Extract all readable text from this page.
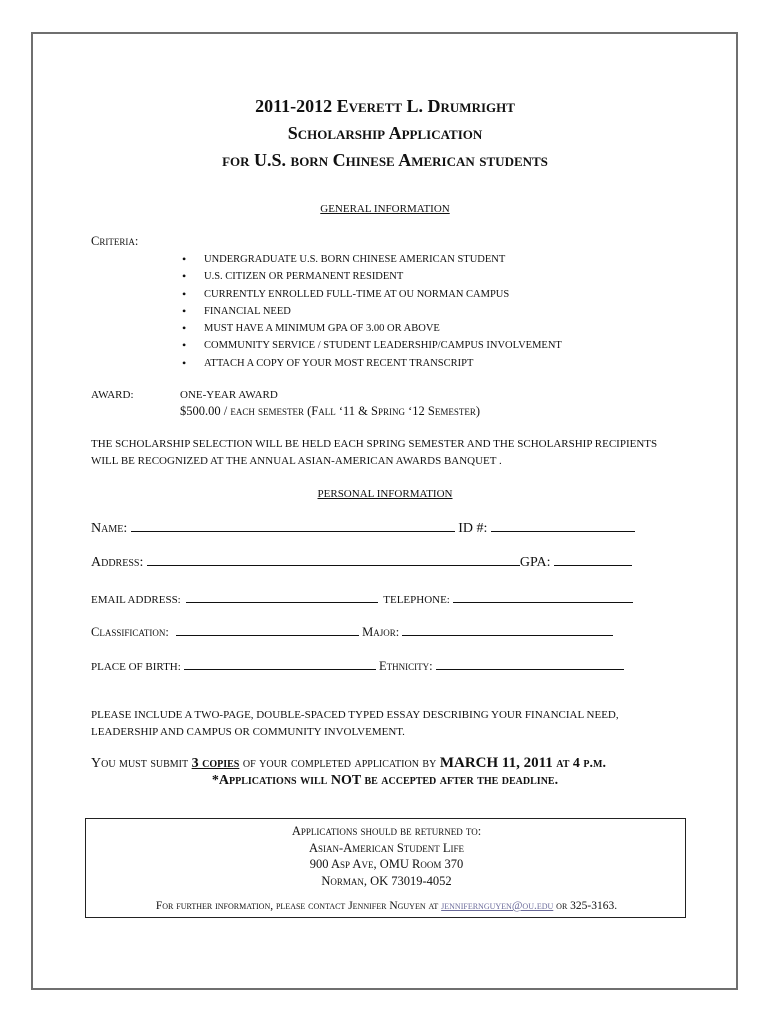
2011-2012 Everett L. Drumright
Scholarship Application
for U.S. born Chinese American students
GENERAL INFORMATION
Criteria:
• UNDERGRADUATE U.S. BORN CHINESE AMERICAN STUDENT
• U.S. CITIZEN OR PERMANENT RESIDENT
• CURRENTLY ENROLLED FULL-TIME AT OU NORMAN CAMPUS
• FINANCIAL NEED
• MUST HAVE A MINIMUM GPA OF 3.00 OR ABOVE
• COMMUNITY SERVICE / STUDENT LEADERSHIP/CAMPUS INVOLVEMENT
• ATTACH A COPY OF YOUR MOST RECENT TRANSCRIPT
AWARD:	ONE-YEAR AWARD
$500.00 / each semester (Fall ‘11 & Spring ‘12 Semester)
THE SCHOLARSHIP SELECTION WILL BE HELD EACH SPRING SEMESTER AND THE SCHOLARSHIP RECIPIENTS
WILL BE RECOGNIZED AT THE ANNUAL ASIAN-AMERICAN AWARDS BANQUET .
PERSONAL INFORMATION
Name:	ID #:
Address:	GPA:
EMAIL ADDRESS:	TELEPHONE:
Classification:	Major:
PLACE OF BIRTH:	Ethnicity:
PLEASE INCLUDE A TWO-PAGE, DOUBLE-SPACED TYPED ESSAY DESCRIBING YOUR FINANCIAL NEED,
LEADERSHIP AND CAMPUS OR COMMUNITY INVOLVEMENT.
You must submit 3 copies of your completed application by MARCH 11, 2011 at 4 p.m.
*Applications will NOT be accepted after the deadline.
Applications should be returned to:
Asian-American Student Life
900 Asp Ave, OMU Room 370
Norman, OK 73019-4052
For further information, please contact Jennifer Nguyen at jennifernguyen@ou.edu or 325-3163.
